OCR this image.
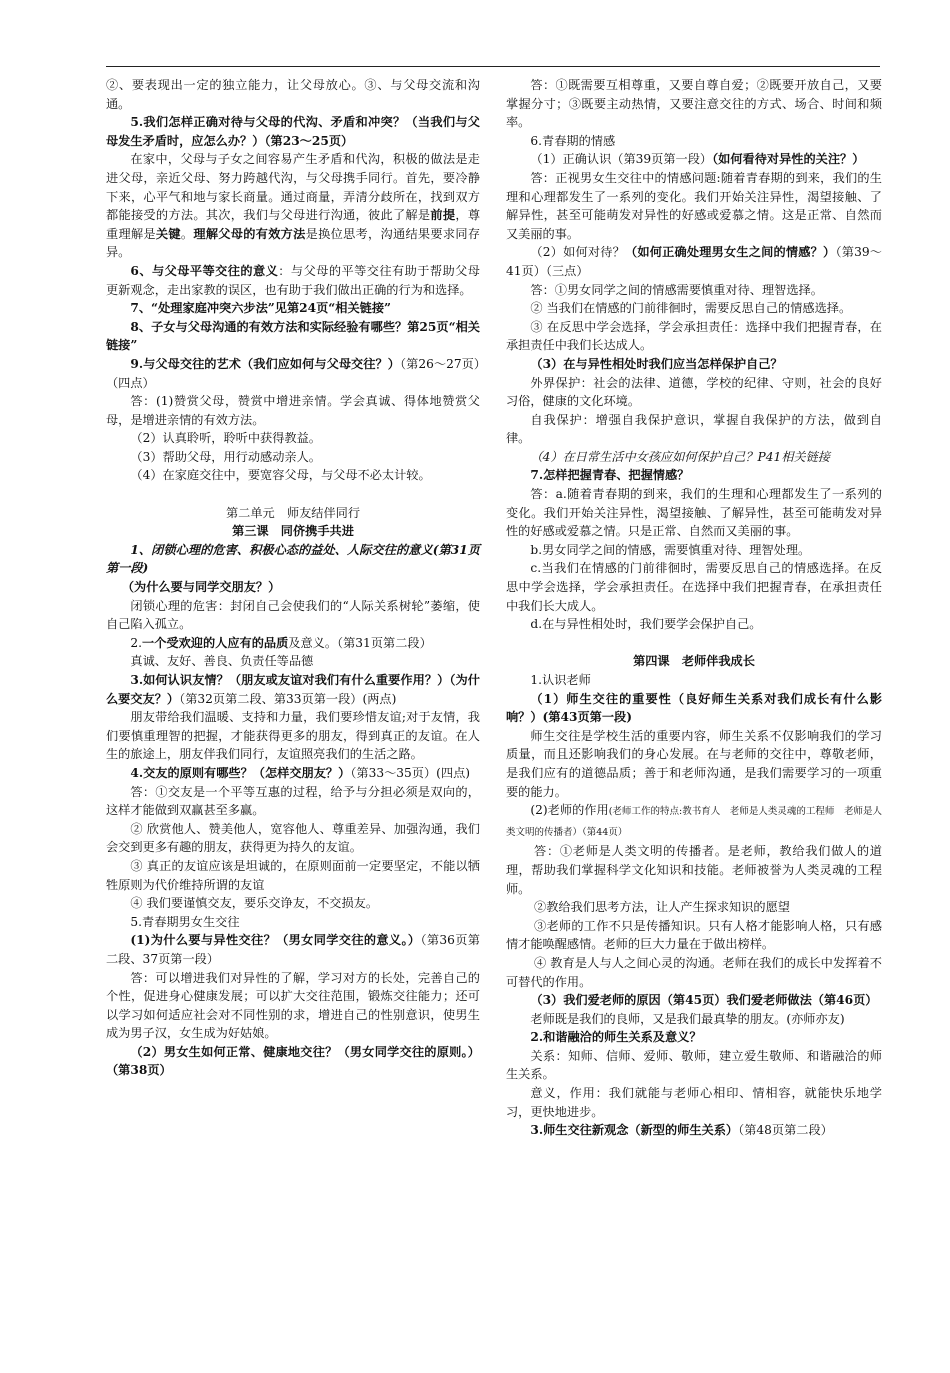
②、要表现出一定的独立能力，让父母放心。③、与父母交流和沟通。

5.我们怎样正确对待与父母的代沟、矛盾和冲突？（当我们与父母发生矛盾时，应怎么办？）（第23～25页）

在家中，父母与子女之间容易产生矛盾和代沟，积极的做法是走进父母，亲近父母、努力跨越代沟，与父母携手同行。首先，要冷静下来，心平气和地与家长商量。通过商量，弄清分歧所在，找到双方都能接受的方法。其次，我们与父母进行沟通，彼此了解是前提，尊重理解是关键。理解父母的有效方法是换位思考，沟通结果要求同存异。

6、与父母平等交往的意义：与父母的平等交往有助于帮助父母更新观念，走出家教的误区，也有助于我们做出正确的行为和选择。

7、“处理家庭冲突六步法”见第24页“相关链接”

8、子女与父母沟通的有效方法和实际经验有哪些？第25页“相关链接”

9.与父母交往的艺术（我们应如何与父母交往？）（第26～27页）（四点）

答：(1)赞赏父母，赞赏中增进亲情。学会真诚、得体地赞赏父母，是增进亲情的有效方法。

（2）认真聆听，聆听中获得教益。

（3）帮助父母，用行动感动亲人。

（4）在家庭交往中，要宽容父母，与父母不必太计较。

第二单元　师友结伴同行

第三课　同侪携手共进

1、闭锁心理的危害、积极心态的益处、人际交往的意义(第31页第一段)

（为什么要与同学交朋友？）

闭锁心理的危害：封闭自己会使我们的“人际关系树轮”萎缩，使自己陷入孤立。

2.一个受欢迎的人应有的品质及意义。（第31页第二段）

真诚、友好、善良、负责任等品德

3.如何认识友情？（朋友或友谊对我们有什么重要作用？）（为什么要交友？）（第32页第二段、第33页第一段）(两点)

朋友带给我们温暖、支持和力量，我们要珍惜友谊;对于友情，我们要慎重理智的把握，才能获得更多的朋友，得到真正的友谊。在人生的旅途上，朋友伴我们同行，友谊照亮我们的生活之路。

4.交友的原则有哪些？（怎样交朋友？）（第33～35页）(四点)

答：①交友是一个平等互惠的过程，给予与分担必须是双向的，这样才能做到双赢甚至多赢。

② 欣赏他人、赞美他人，宽容他人、尊重差异、加强沟通，我们会交到更多有趣的朋友，获得更为持久的友谊。

③ 真正的友谊应该是坦诚的，在原则面前一定要坚定，不能以牺牲原则为代价维持所谓的友谊

④ 我们要谨慎交友，要乐交诤友，不交损友。

5.青春期男女生交往

(1)为什么要与异性交往？（男女同学交往的意义。）（第36页第二段、37页第一段）

答：可以增进我们对异性的了解，学习对方的长处，完善自己的个性，促进身心健康发展；可以扩大交往范围，锻炼交往能力；还可以学习如何适应社会对不同性别的求，增进自己的性别意识，使男生成为男子汉，女生成为好姑娘。

（2）男女生如何正常、健康地交往？（男女同学交往的原则。）（第38页）

答：①既需要互相尊重，又要自尊自爱；②既要开放自己，又要掌握分寸；③既要主动热情，又要注意交往的方式、场合、时间和频率。

6.青春期的情感

（1）正确认识（第39页第一段）（如何看待对异性的关注？）

答：正视男女生交往中的情感问题:随着青春期的到来，我们的生理和心理都发生了一系列的变化。我们开始关注异性，渴望接触、了解异性，甚至可能萌发对异性的好感或爱慕之情。这是正常、自然而又美丽的事。

（2）如何对待？（如何正确处理男女生之间的情感？）（第39～41页）（三点）

答：①男女同学之间的情感需要慎重对待、理智选择。

② 当我们在情感的门前徘徊时，需要反思自己的情感选择。

③ 在反思中学会选择，学会承担责任：选择中我们把握青春，在承担责任中我们长达成人。

（3）在与异性相处时我们应当怎样保护自己？

外界保护：社会的法律、道德，学校的纪律、守则，社会的良好习俗，健康的文化环境。

自我保护：增强自我保护意识，掌握自我保护的方法，做到自律。

（4）在日常生活中女孩应如何保护自己？P41相关链接

7.怎样把握青春、把握情感？

答：a.随着青春期的到来，我们的生理和心理都发生了一系列的变化。我们开始关注异性，渴望接触、了解异性，甚至可能萌发对异性的好感或爱慕之情。只是正常、自然而又美丽的事。

b.男女同学之间的情感，需要慎重对待、理智处理。

c.当我们在情感的门前徘徊时，需要反思自己的情感选择。在反思中学会选择，学会承担责任。在选择中我们把握青春，在承担责任中我们长大成人。

d.在与异性相处时，我们要学会保护自己。

第四课　老师伴我成长

1.认识老师

（1）师生交往的重要性（良好师生关系对我们成长有什么影响？）(第43页第一段)

师生交往是学校生活的重要内容，师生关系不仅影响我们的学习质量，而且还影响我们的身心发展。在与老师的交往中，尊敬老师，是我们应有的道德品质；善于和老师沟通，是我们需要学习的一项重要的能力。

(2)老师的作用(老师工作的特点:教书育人　老师是人类灵魂的工程师　老师是人类文明的传播者）（第44页）

答：①老师是人类文明的传播者。是老师，教给我们做人的道理，帮助我们掌握科学文化知识和技能。老师被誉为人类灵魂的工程师。

②教给我们思考方法，让人产生探求知识的愿望

③老师的工作不只是传播知识。只有人格才能影响人格，只有感情才能唤醒感情。老师的巨大力量在于做出榜样。

④ 教育是人与人之间心灵的沟通。老师在我们的成长中发挥着不可替代的作用。

（3）我们爱老师的原因（第45页）我们爱老师做法（第46页）

老师既是我们的良师，又是我们最真挚的朋友。(亦师亦友)

2.和谐融洽的师生关系及意义？

关系：知师、信师、爱师、敬师，建立爱生敬师、和谐融洽的师生关系。

意义，作用：我们就能与老师心相印、情相容，就能快乐地学习，更快地进步。

3.师生交往新观念（新型的师生关系）（第48页第二段）
